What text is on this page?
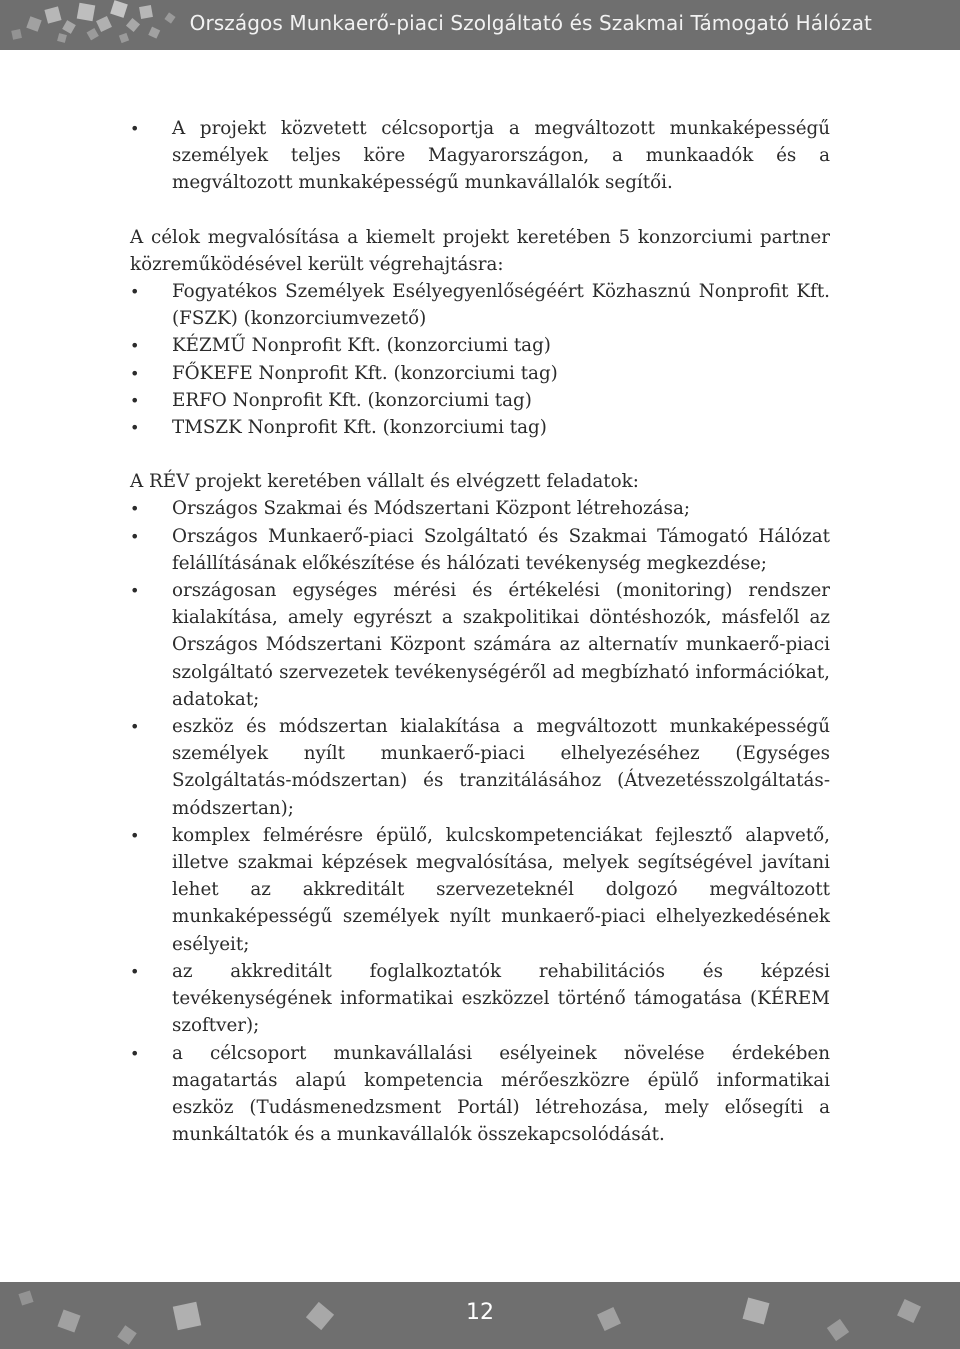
Országos Munkaerő-piaci Szolgáltató és Szakmai Támogató Hálózat
• A projekt közvetett célcsoportja a megváltozott munkaképességű személyek teljes köre Magyarországon, a munkaadók és a megváltozott munkaképességű munkavállalók segítői.

A célok megvalósítása a kiemelt projekt keretében 5 konzorciumi partner közreműködésével került végrehajtásra:

• Fogyatékos Személyek Esélyegyenlőségéért Közhasznú Nonprofit Kft. (FSZK) (konzorciumvezető)
• KÉZMŰ Nonprofit Kft. (konzorciumi tag)
• FŐKEFE Nonprofit Kft. (konzorciumi tag)
• ERFO Nonprofit Kft. (konzorciumi tag)
• TMSZK Nonprofit Kft. (konzorciumi tag)

A RÉV projekt keretében vállalt és elvégzett feladatok:

• Országos Szakmai és Módszertani Központ létrehozása;
• Országos Munkaerő-piaci Szolgáltató és Szakmai Támogató Hálózat felállításának előkészítése és hálózati tevékenység megkezdése;
• országosan egységes mérési és értékelési (monitoring) rendszer kialakítása, amely egyrészt a szakpolitikai döntéshozók, másfelől az Országos Módszertani Központ számára az alternatív munkaerő-piaci szolgáltató szervezetek tevékenységéről ad megbízható információkat, adatokat;
• eszköz és módszertan kialakítása a megváltozott munkaképességű személyek nyílt munkaerő-piaci elhelyezéséhez (Egységes Szolgáltatás-módszertan) és tranzitálásához (Átvezetésszolgáltatás-módszertan);
• komplex felmérésre épülő, kulcskompetenciákat fejlesztő alapvető, illetve szakmai képzések megvalósítása, melyek segítségével javítani lehet az akkreditált szervezeteknél dolgozó megváltozott munkaképességű személyek nyílt munkaerő-piaci elhelyezkedésének esélyeit;
• az akkreditált foglalkoztatók rehabilitációs és képzési tevékenységének informatikai eszközzel történő támogatása (KÉREM szoftver);
• a célcsoport munkavállalási esélyeinek növelése érdekében magatartás alapú kompetencia mérőeszközre épülő informatikai eszköz (Tudásmenedzsment Portál) létrehozása, mely elősegíti a munkáltatók és a munkavállalók összekapcsolódását.
12
